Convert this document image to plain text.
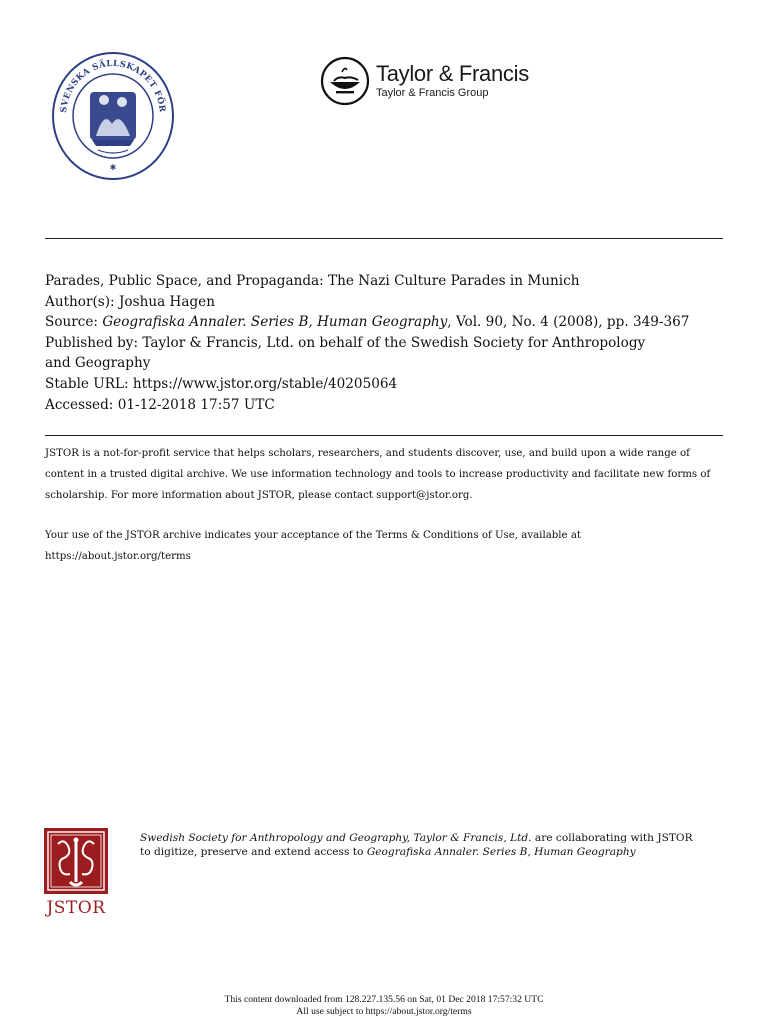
SVENSKA SÄLLSKAPET FÖR
✱
Taylor & Francis
Taylor & Francis Group
Parades, Public Space, and Propaganda: The Nazi Culture Parades in Munich
Author(s): Joshua Hagen
Source: Geografiska Annaler. Series B, Human Geography, Vol. 90, No. 4 (2008), pp. 349-367
Published by: Taylor & Francis, Ltd. on behalf of the Swedish Society for Anthropology
and Geography
Stable URL: https://www.jstor.org/stable/40205064
Accessed: 01-12-2018 17:57 UTC

JSTOR is a not-for-profit service that helps scholars, researchers, and students discover, use, and build upon a wide range of content in a trusted digital archive. We use information technology and tools to increase productivity and facilitate new forms of scholarship. For more information about JSTOR, please contact support@jstor.org.

Your use of the JSTOR archive indicates your acceptance of the Terms & Conditions of Use, available at https://about.jstor.org/terms

JSTOR
Swedish Society for Anthropology and Geography, Taylor & Francis, Ltd. are collaborating with JSTOR to digitize, preserve and extend access to Geografiska Annaler. Series B, Human Geography
This content downloaded from 128.227.135.56 on Sat, 01 Dec 2018 17:57:32 UTC
All use subject to https://about.jstor.org/terms
